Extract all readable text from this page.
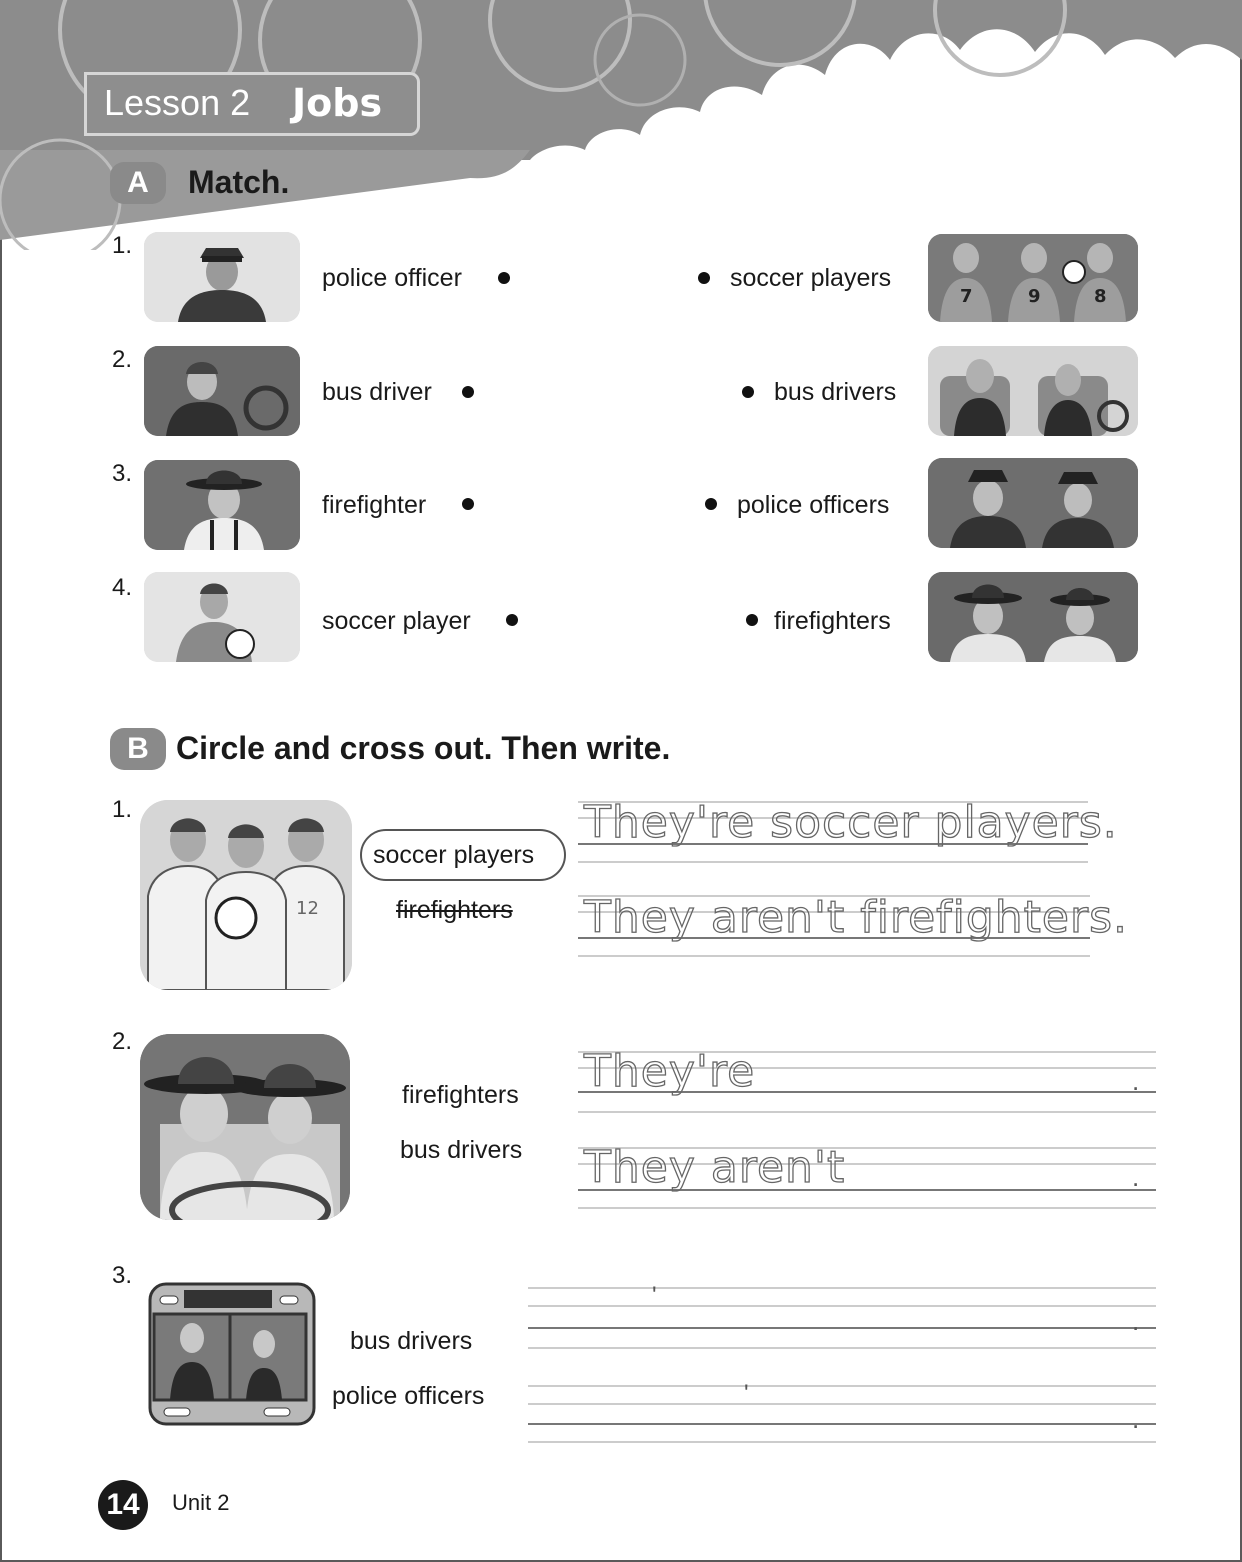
Lesson 2 Jobs
A	Match.
1.
police officer	soccer players
7	9	8
2.
bus driver	bus drivers
3.
firefighter	police officers
4.
soccer player	firefighters
B Circle and cross out. Then write.
1.
12
soccer players
firefighters
They're soccer players.
They aren't firefighters.
2.
firefighters
bus drivers
They're
They aren't
.
.
3.
bus drivers
police officers
'
'
.
.
14	Unit 2
